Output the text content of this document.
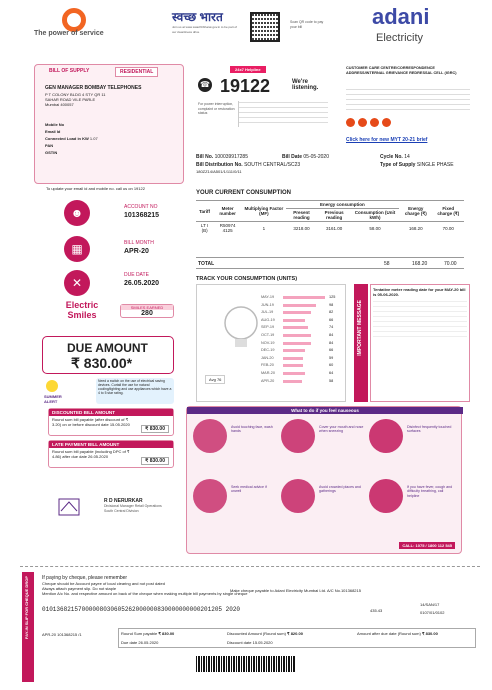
The power of service
स्वच्छ भारत
Join us at www.swachhbharat.gov.in to be part of our cleanliness drive
Scan QR code to pay your bill	adani
Electricity
BILL OF SUPPLY	RESIDENTIAL
GEN MANAGER BOMBAY TELEPHONES
P T COLONY BLDG 4 STY QR 11
SAHAR ROAD VILE PARLE
Mumbai 400057
Mobile No
Email Id
Connected Load in KW 1.07
PAN
GSTIN
To update your email id and mobile no. call us on 19122
24x7 Helpline
☎ 19122	We're listening.
For power interruption, complaint or restoration status
CUSTOMER CARE CENTRE/CORRESPONDENCE ADDRESS/INTERNAL GRIEVANCE REDRESSAL CELL (IGRC)
Click here for new MYT 20-21 brief
Bill No. 100039917285	Bill Date 05-05-2020	Cycle No. 14
Bill Distribution No. SOUTH CENTRAL/SC23
180ZZ14/A501/1/111/0/11
Type of Supply SINGLE PHASE
☻	ACCOUNT NO
101368215
▦	BILL MONTH
APR-20
✕
DUE DATE
26.05.2020
Electric Smiles
SMILES EARNED
280
DUE AMOUNT
₹ 830.00*
SUMMER ALERT
Need a switch on the use of electrical saving devices. Curtail the use for natural cooling/lighting and use appliances which have a 4 to 5 star rating.
DISCOUNTED BILL AMOUNT
Round sum bill payable (after discount of ₹ 3.20) on or before discount date 15.05.2020
₹ 830.00
LATE PAYMENT BILL AMOUNT
Round sum bill payable (including DPC of ₹ 4.86) after due date 26.05.2020
₹ 830.00
R D NERURKAR
Divisional Manager Retail Operations
South Central Division
YOUR CURRENT CONSUMPTION
Tariff	Meter number	Multiplying Factor (MF)	Energy consumption			Energy charge (₹)	Fixed charge (₹)
			Present reading	Previous reading	Consumption (Unit kWh)		
LT I (B)	R50974 4125	1	3218.00	3161.00	58.00	168.20	70.00
TOTAL	58	168.20	70.00
TRACK YOUR CONSUMPTION (UNITS)
MAY-19	125
JUN-19	98
JUL-19	82
AUG-19	66
SEP-19	74
OCT-19	84
NOV-19	84
DEC-19	66
JAN-20	59
FEB-20	60
MAR-20	64
APR-20	58
Avg 76
IMPORTANT MESSAGE
Tentative meter reading date for your MAY-20 bill is 05-06-2020.
What to do if you feel nauseous
Avoid touching face, wash hands
Cover your mouth and nose when sneezing
Disinfect frequently touched surfaces
Seek medical advice if unwell
Avoid crowded places and gatherings
If you have fever, cough and difficulty breathing, call helpline
CALL: 1075 / 1800 112 545
PAY-IN SLIP FOR CHEQUE DROP	If paying by cheque, please remember
Cheque should be Account payee of local clearing and not post dated
Always attach payment slip. Do not staple
Mention A/c No. and respective amount on back of the cheque when making multiple bill payments by single cheque
Make cheque payable to Adani Electricity Mumbai Ltd. A/C No.101368215
01013682157000008030605262000000830000000000201205 2020
14/SAN/17
0107/01/0102
435.43
APR-20 101368215 /1	Round Sum payable ₹ 830.00
Due date 26.05.2020
Discounted Amount (Round sum) ₹ 820.00
Discount date 15.05.2020
Amount after due date (Round sum) ₹ 830.00
